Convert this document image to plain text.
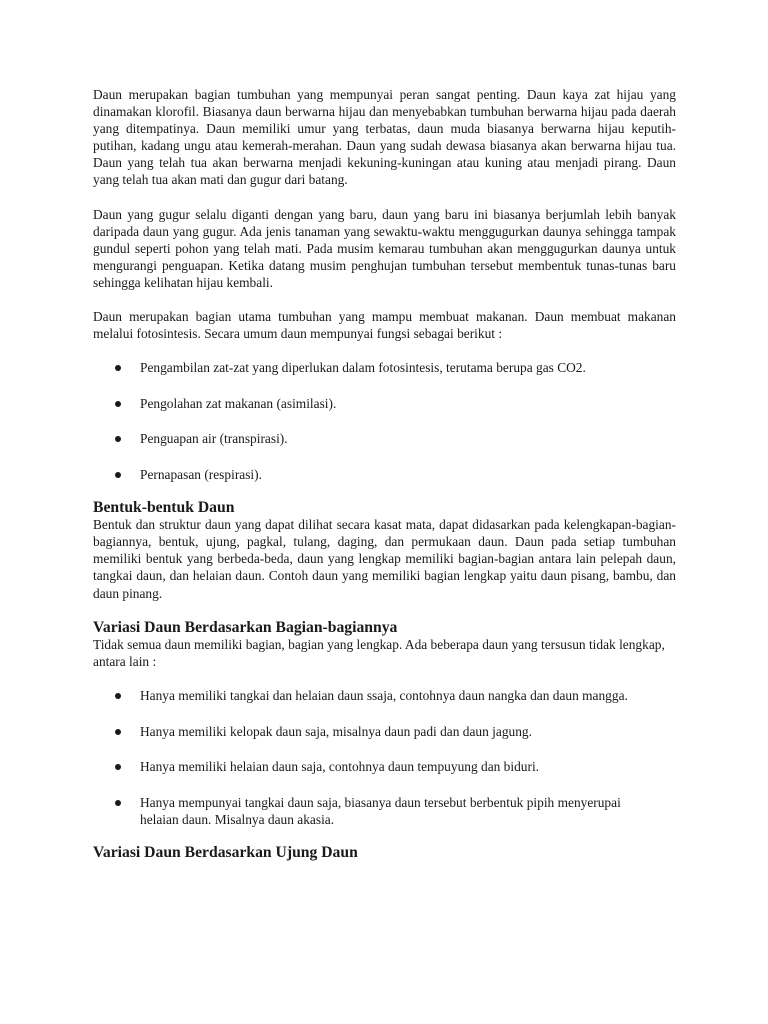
Daun merupakan bagian tumbuhan yang mempunyai peran sangat penting. Daun kaya zat hijau yang dinamakan klorofil. Biasanya daun berwarna hijau dan menyebabkan tumbuhan berwarna hijau pada daerah yang ditempatinya. Daun memiliki umur yang terbatas, daun muda biasanya berwarna hijau keputih-putihan, kadang ungu atau kemerah-merahan. Daun yang sudah dewasa biasanya akan berwarna hijau tua. Daun yang telah tua akan berwarna menjadi kekuning-kuningan atau kuning atau menjadi pirang. Daun yang telah tua akan mati dan gugur dari batang.

Daun yang gugur selalu diganti dengan yang baru, daun yang baru ini biasanya berjumlah lebih banyak daripada daun yang gugur. Ada jenis tanaman yang sewaktu-waktu menggugurkan daunya sehingga tampak gundul seperti pohon yang telah mati. Pada musim kemarau tumbuhan akan menggugurkan daunya untuk mengurangi penguapan. Ketika datang musim penghujan tumbuhan tersebut membentuk tunas-tunas baru sehingga kelihatan hijau kembali.

Daun merupakan bagian utama tumbuhan yang mampu membuat makanan. Daun membuat makanan melalui fotosintesis. Secara umum daun mempunyai fungsi sebagai berikut :

Pengambilan zat-zat yang diperlukan dalam fotosintesis, terutama berupa gas CO2.
Pengolahan zat makanan (asimilasi).
Penguapan air (transpirasi).
Pernapasan (respirasi).
Bentuk-bentuk Daun

Bentuk dan struktur daun yang dapat dilihat secara kasat mata, dapat didasarkan pada kelengkapan-bagian-bagiannya, bentuk, ujung, pagkal, tulang, daging, dan permukaan daun. Daun pada setiap tumbuhan memiliki bentuk yang berbeda-beda, daun yang lengkap memiliki bagian-bagian antara lain pelepah daun, tangkai daun, dan helaian daun. Contoh daun yang memiliki bagian lengkap yaitu daun pisang, bambu, dan daun pinang.

Variasi Daun Berdasarkan Bagian-bagiannya

Tidak semua daun memiliki bagian, bagian yang lengkap. Ada beberapa daun yang tersusun tidak lengkap, antara lain :

Hanya memiliki tangkai dan helaian daun ssaja, contohnya daun nangka dan daun mangga.
Hanya memiliki kelopak daun saja, misalnya daun padi dan daun jagung.
Hanya memiliki helaian daun saja, contohnya daun tempuyung dan biduri.
Hanya mempunyai tangkai daun saja, biasanya daun tersebut berbentuk pipih menyerupai helaian daun. Misalnya daun akasia.
Variasi Daun Berdasarkan Ujung Daun
